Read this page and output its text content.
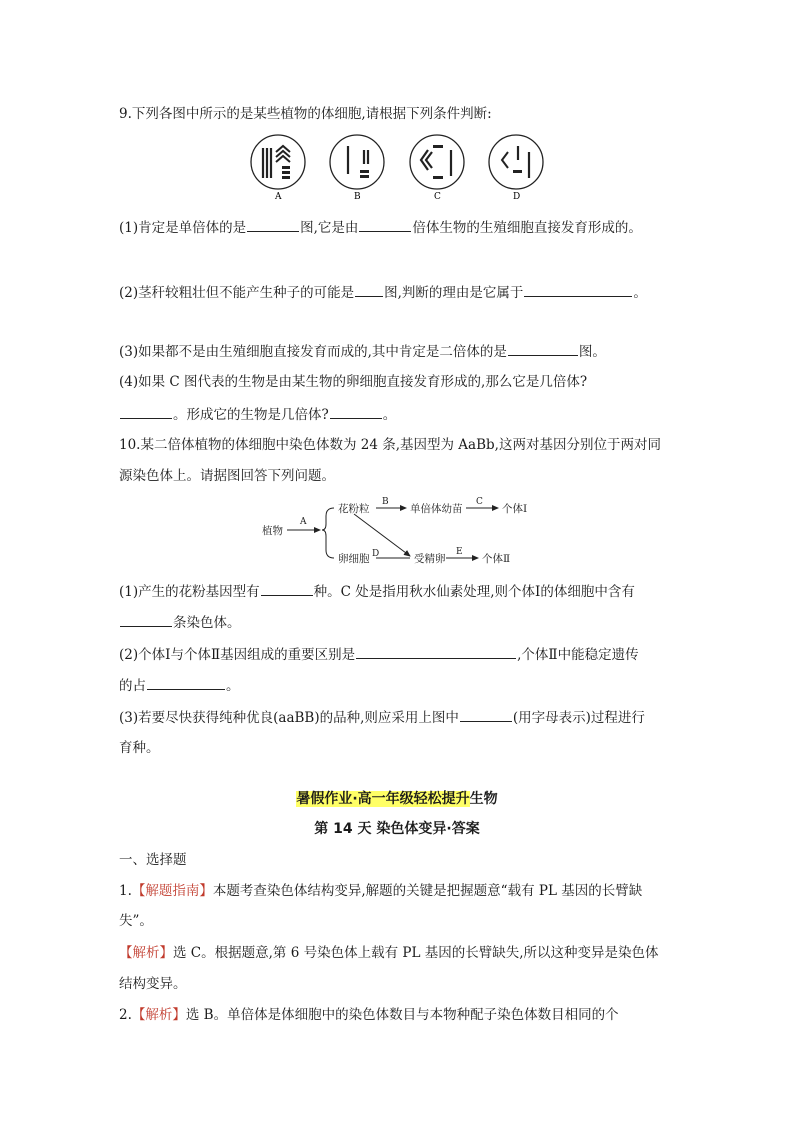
9.下列各图中所示的是某些植物的体细胞,请根据下列条件判断:
A	B	C	D
(1)肯定是单倍体的是	图,它是由	倍体生物的生殖细胞直接发育形成的。
(2)茎秆较粗壮但不能产生种子的可能是 图,判断的理由是它属于	。
(3)如果都不是由生殖细胞直接发育而成的,其中肯定是二倍体的是	图。
(4)如果 C 图代表的生物是由某生物的卵细胞直接发育形成的,那么它是几倍体?
。形成它的生物是几倍体?	。
10.某二倍体植物的体细胞中染色体数为 24 条,基因型为 AaBb,这两对基因分别位于两对同
源染色体上。请据图回答下列问题。
植物
A
花粉粒
B
单倍体幼苗
C
个体Ⅰ
卵细胞 D	受精卵
E
个体Ⅱ
(1)产生的花粉基因型有	种。C 处是指用秋水仙素处理,则个体Ⅰ的体细胞中含有
条染色体。
(2)个体Ⅰ与个体Ⅱ基因组成的重要区别是	,个体Ⅱ中能稳定遗传
的占	。
(3)若要尽快获得纯种优良(aaBB)的品种,则应采用上图中	(用字母表示)过程进行
育种。
暑假作业·高一年级轻松提升生物
第 14 天 染色体变异·答案
一、选择题
1.【解题指南】本题考查染色体结构变异,解题的关键是把握题意“载有 PL 基因的长臂缺
失”。
【解析】选 C。根据题意,第 6 号染色体上载有 PL 基因的长臂缺失,所以这种变异是染色体
结构变异。
2.【解析】选 B。单倍体是体细胞中的染色体数目与本物种配子染色体数目相同的个
